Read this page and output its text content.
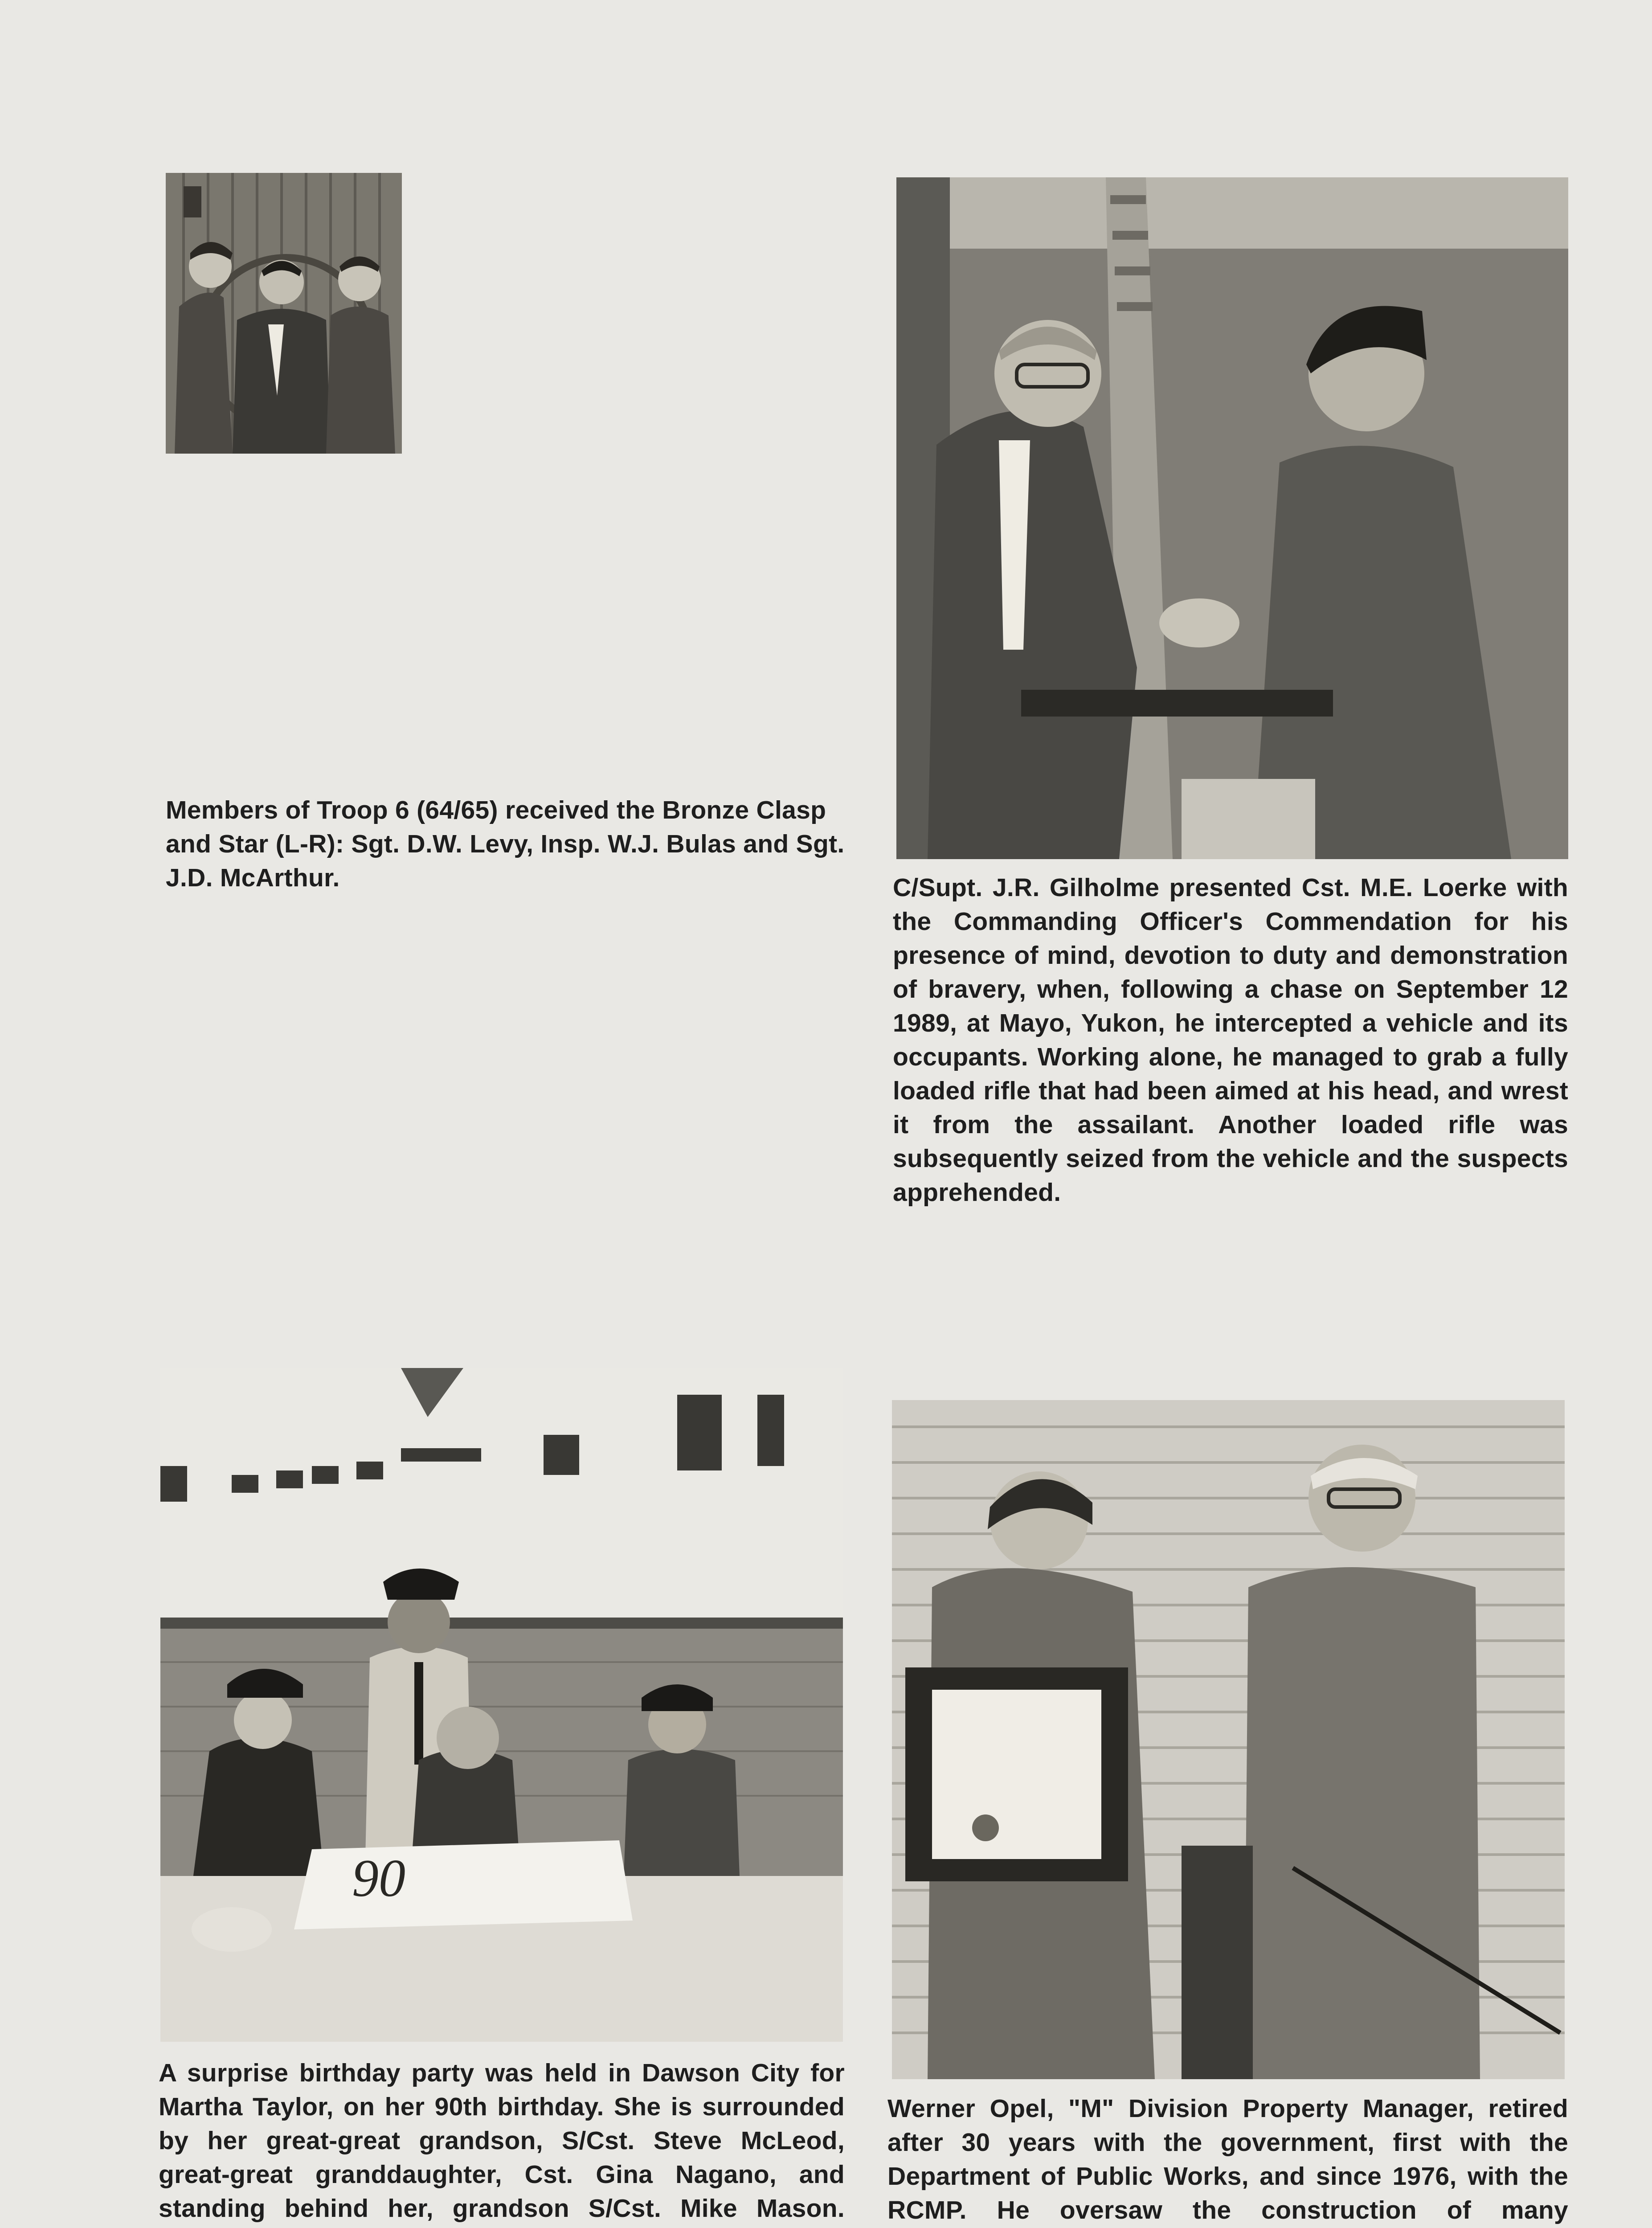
C/Supt. J.R. Gilholme presented Cst. M.E. Loerke with the Commanding Officer's Commendation for his presence of mind, devotion to duty and demonstration of bravery, when, following a chase on September 12 1989, at Mayo, Yukon, he intercepted a vehicle and its occupants. Working alone, he managed to grab a fully loaded rifle that had been aimed at his head, and wrest it from the assailant. Another loaded rifle was subsequently seized from the vehicle and the suspects apprehended.

Members of Troop 6 (64/65) received the Bronze Clasp and Star (L-R): Sgt. D.W. Levy, Insp. W.J. Bulas and Sgt. J.D. McArthur.

90

A surprise birthday party was held in Dawson City for Martha Taylor, on her 90th birthday. She is surrounded by her great-great grandson, S/Cst. Steve McLeod, great-great granddaughter, Cst. Gina Nagano, and standing behind her, grandson S/Cst. Mike Mason.

Werner Opel, "M" Division Property Manager, retired after 30 years with the government, first with the Department of Public Works, and since 1976, with the RCMP. He oversaw the construction of many
